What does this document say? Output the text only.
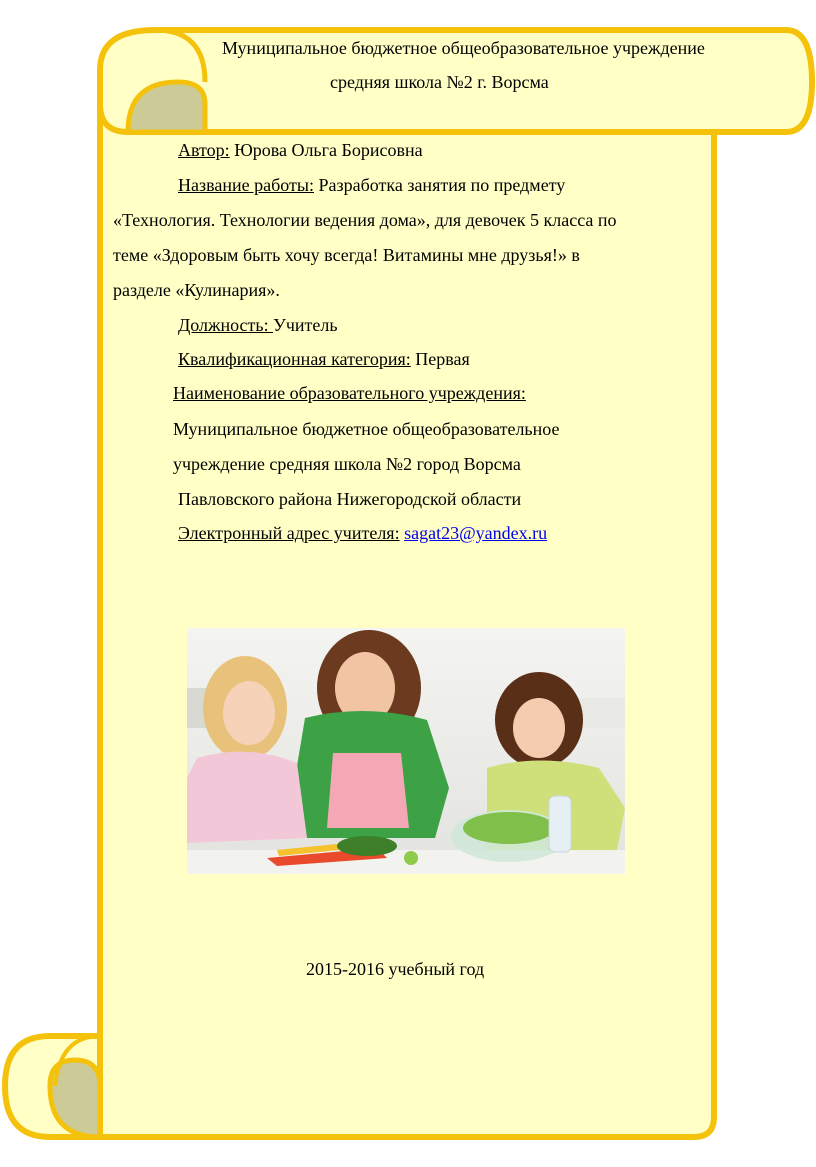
Муниципальное бюджетное общеобразовательное учреждение
средняя школа №2 г. Ворсма
Автор: Юрова Ольга Борисовна
Название работы: Разработка занятия по предмету
«Технология. Технологии ведения дома», для девочек 5 класса по
теме «Здоровым быть хочу всегда! Витамины мне друзья!» в
разделе «Кулинария».
Должность: Учитель
Квалификационная категория: Первая
Наименование образовательного учреждения:
Муниципальное бюджетное общеобразовательное
учреждение средняя школа №2 город Ворсма
Павловского района Нижегородской области
Электронный адрес учителя: sagat23@yandex.ru
2015-2016 учебный год
